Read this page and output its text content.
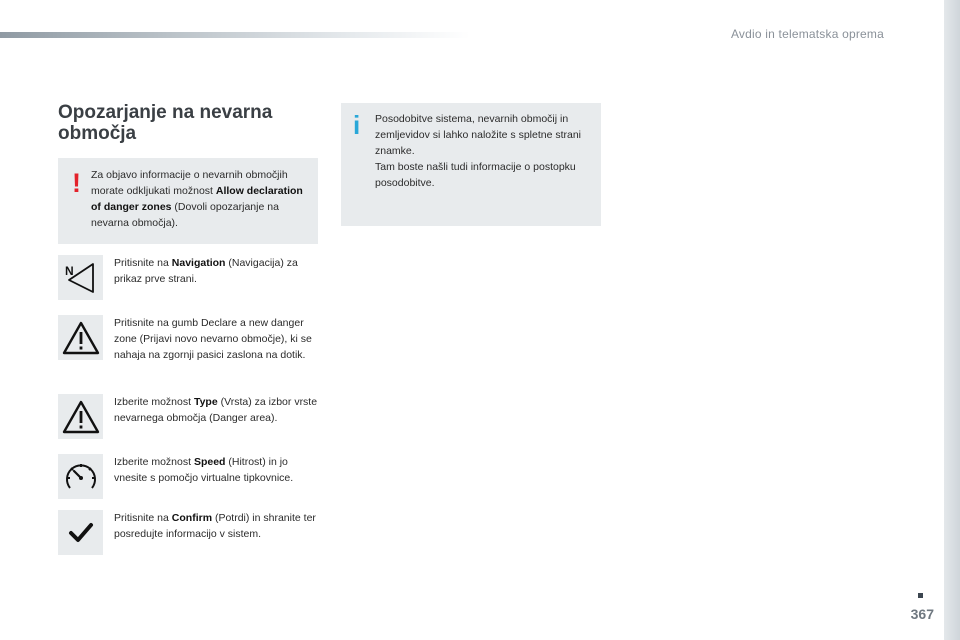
Avdio in telematska oprema
Opozarjanje na nevarna
območja
! Za objavo informacije o nevarnih območjih morate odkljukati možnost Allow declaration of danger zones (Dovoli opozarjanje na nevarna območja).
i Posodobitve sistema, nevarnih območij in zemljevidov si lahko naložite s spletne strani znamke.

Tam boste našli tudi informacije o postopku posodobitve.

N
Pritisnite na Navigation (Navigacija) za prikaz prve strani.
Pritisnite na gumb Declare a new danger zone (Prijavi novo nevarno območje), ki se nahaja na zgornji pasici zaslona na dotik.
Izberite možnost Type (Vrsta) za izbor vrste nevarnega območja (Danger area).
Izberite možnost Speed (Hitrost) in jo vnesite s pomočjo virtualne tipkovnice.
Pritisnite na Confirm (Potrdi) in shranite ter posredujte informacijo v sistem.
367
